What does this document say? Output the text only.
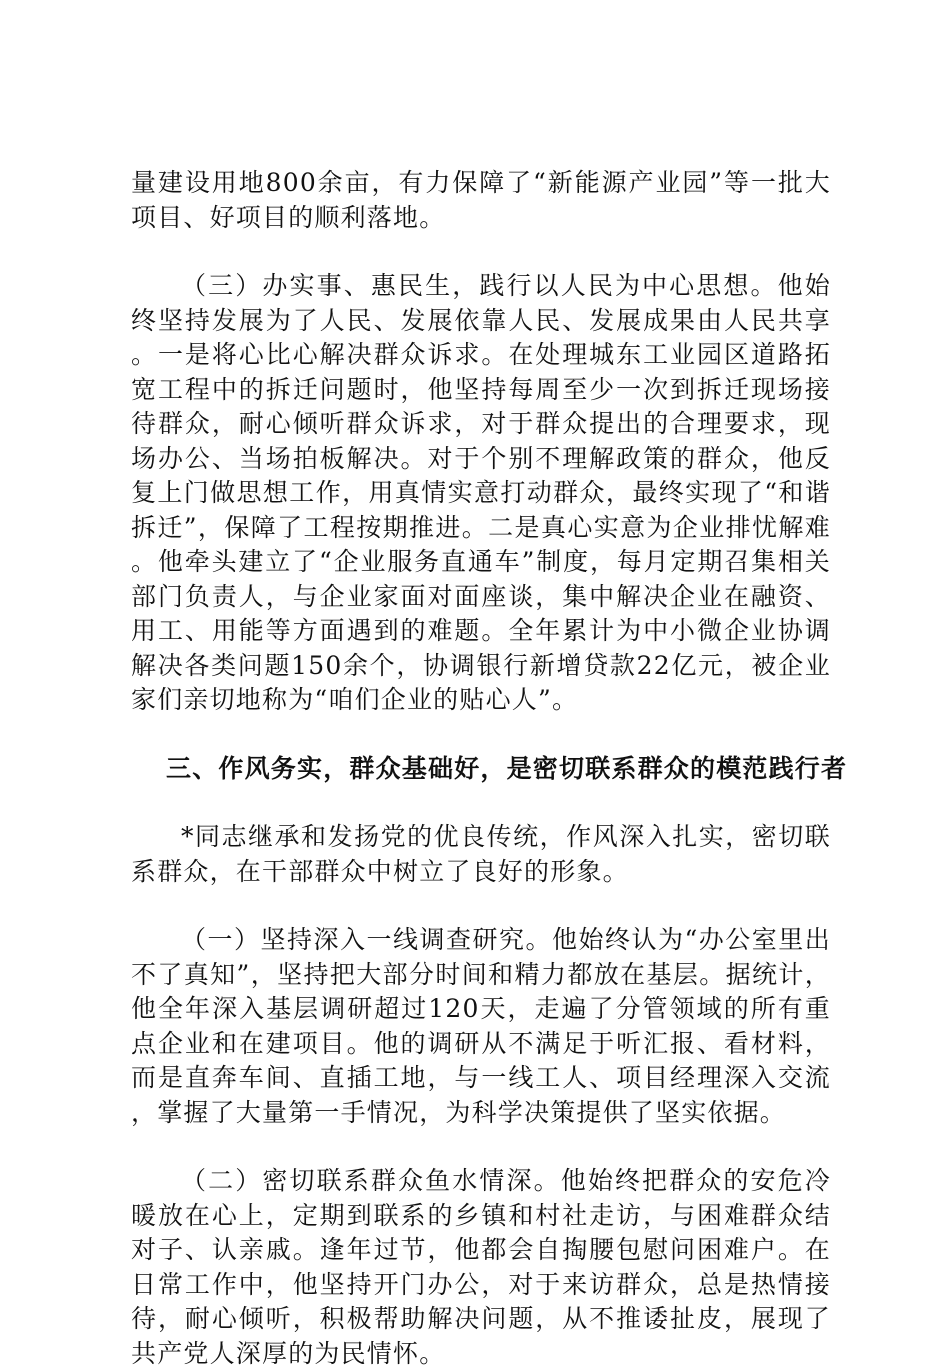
量建设用地800余亩，有力保障了“新能源产业园”等一批大项目、好项目的顺利落地。

（三）办实事、惠民生，践行以人民为中心思想。他始终坚持发展为了人民、发展依靠人民、发展成果由人民共享。一是将心比心解决群众诉求。在处理城东工业园区道路拓宽工程中的拆迁问题时，他坚持每周至少一次到拆迁现场接待群众，耐心倾听群众诉求，对于群众提出的合理要求，现场办公、当场拍板解决。对于个别不理解政策的群众，他反复上门做思想工作，用真情实意打动群众，最终实现了“和谐拆迁”，保障了工程按期推进。二是真心实意为企业排忧解难。他牵头建立了“企业服务直通车”制度，每月定期召集相关部门负责人，与企业家面对面座谈，集中解决企业在融资、用工、用能等方面遇到的难题。全年累计为中小微企业协调解决各类问题150余个，协调银行新增贷款22亿元，被企业家们亲切地称为“咱们企业的贴心人”。

三、作风务实，群众基础好，是密切联系群众的模范践行者

*同志继承和发扬党的优良传统，作风深入扎实，密切联系群众，在干部群众中树立了良好的形象。

（一）坚持深入一线调查研究。他始终认为“办公室里出不了真知”，坚持把大部分时间和精力都放在基层。据统计，他全年深入基层调研超过120天，走遍了分管领域的所有重点企业和在建项目。他的调研从不满足于听汇报、看材料，而是直奔车间、直插工地，与一线工人、项目经理深入交流，掌握了大量第一手情况，为科学决策提供了坚实依据。

（二）密切联系群众鱼水情深。他始终把群众的安危冷暖放在心上，定期到联系的乡镇和村社走访，与困难群众结对子、认亲戚。逢年过节，他都会自掏腰包慰问困难户。在日常工作中，他坚持开门办公，对于来访群众，总是热情接待，耐心倾听，积极帮助解决问题，从不推诿扯皮，展现了共产党人深厚的为民情怀。
